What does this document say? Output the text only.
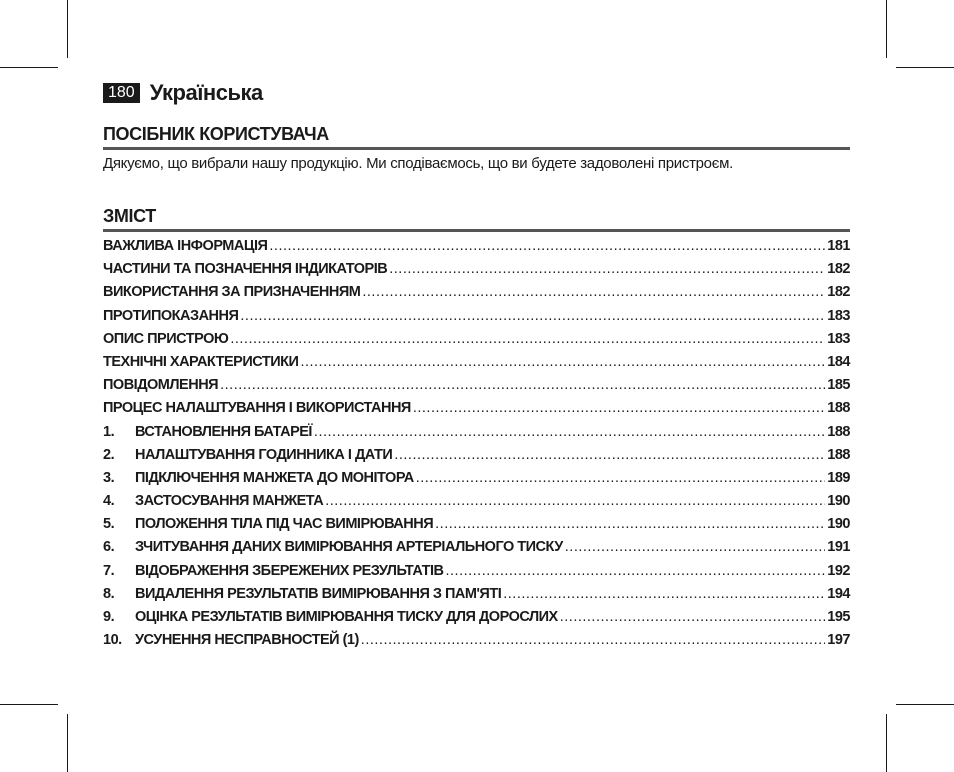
180 Українська
ПОСІБНИК КОРИСТУВАЧА
Дякуємо, що вибрали нашу продукцію. Ми сподіваємось, що ви будете задоволені пристроєм.
ЗМІСТ
ВАЖЛИВА ІНФОРМАЦІЯ .....	181
ЧАСТИНИ ТА ПОЗНАЧЕННЯ ІНДИКАТОРІВ .....	182
ВИКОРИСТАННЯ ЗА ПРИЗНАЧЕННЯМ .....	182
ПРОТИПОКАЗАННЯ .....	183
ОПИС ПРИСТРОЮ .....	183
ТЕХНІЧНІ ХАРАКТЕРИСТИКИ .....	184
ПОВІДОМЛЕННЯ .....	185
ПРОЦЕС НАЛАШТУВАННЯ І ВИКОРИСТАННЯ .....	188
1.	ВСТАНОВЛЕННЯ БАТАРЕЇ .....	188
2.	НАЛАШТУВАННЯ ГОДИННИКА І ДАТИ .....	188
3.	ПІДКЛЮЧЕННЯ МАНЖЕТА ДО МОНІТОРА .....	189
4.	ЗАСТОСУВАННЯ МАНЖЕТА .....	190
5.	ПОЛОЖЕННЯ ТІЛА ПІД ЧАС ВИМІРЮВАННЯ .....	190
6.	ЗЧИТУВАННЯ ДАНИХ ВИМІРЮВАННЯ АРТЕРІАЛЬНОГО ТИСКУ .....	191
7.	ВІДОБРАЖЕННЯ ЗБЕРЕЖЕНИХ РЕЗУЛЬТАТІВ .....	192
8.	ВИДАЛЕННЯ РЕЗУЛЬТАТІВ ВИМІРЮВАННЯ З ПАМ'ЯТІ .....	194
9.	ОЦІНКА РЕЗУЛЬТАТІВ ВИМІРЮВАННЯ ТИСКУ ДЛЯ ДОРОСЛИХ .....	195
10. УСУНЕННЯ НЕСПРАВНОСТЕЙ (1) .....	197
